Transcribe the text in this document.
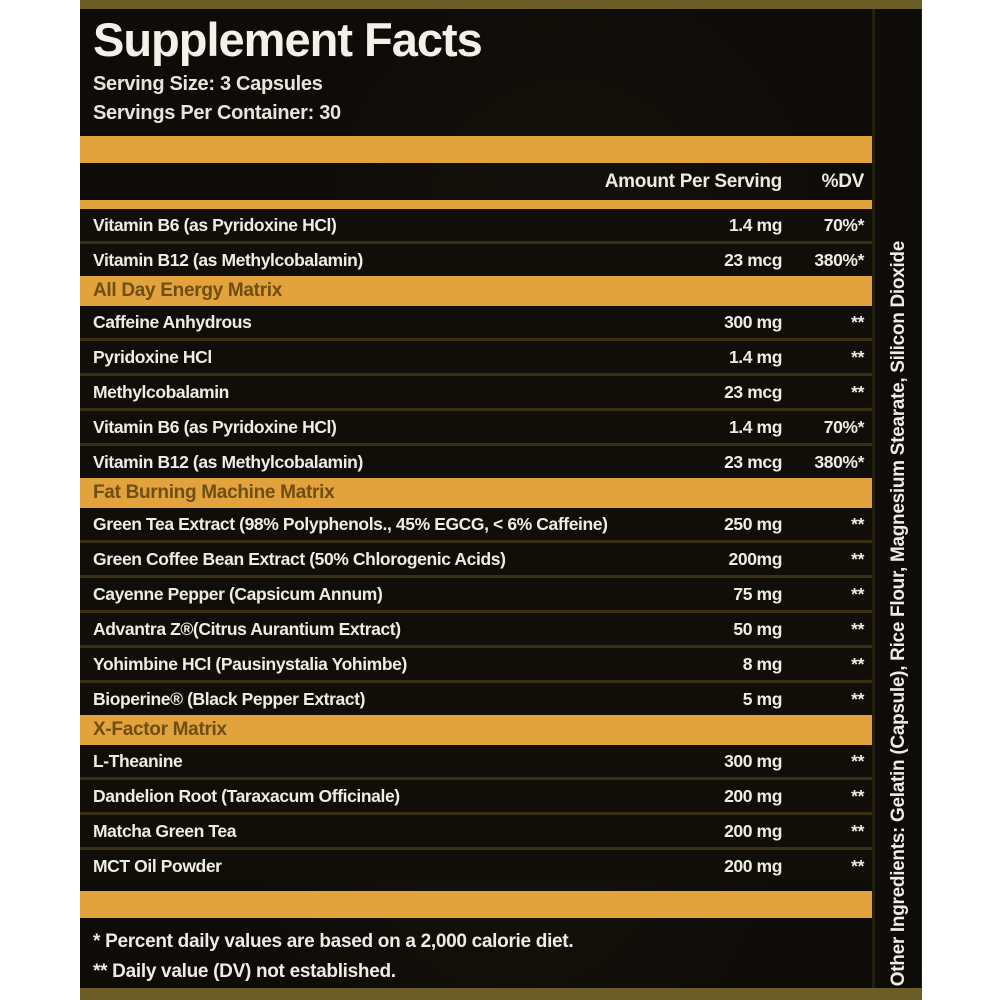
Supplement Facts
Serving Size: 3 Capsules
Servings Per Container: 30
Amount Per Serving	%DV
Vitamin B6 (as Pyridoxine HCl)	1.4 mg	70%*
Vitamin B12 (as Methylcobalamin)	23 mcg	380%*
All Day Energy Matrix
Caffeine Anhydrous	300 mg	**
Pyridoxine HCl	1.4 mg	**
Methylcobalamin	23 mcg	**
Vitamin B6 (as Pyridoxine HCl)	1.4 mg	70%*
Vitamin B12 (as Methylcobalamin)	23 mcg	380%*
Fat Burning Machine Matrix
Green Tea Extract (98% Polyphenols., 45% EGCG, < 6% Caffeine)	250 mg	**
Green Coffee Bean Extract (50% Chlorogenic Acids)	200mg	**
Cayenne Pepper (Capsicum Annum)	75 mg	**
Advantra Z®(Citrus Aurantium Extract)	50 mg	**
Yohimbine HCl (Pausinystalia Yohimbe)	8 mg	**
Bioperine® (Black Pepper Extract)	5 mg	**
X-Factor Matrix
L-Theanine	300 mg	**
Dandelion Root (Taraxacum Officinale)	200 mg	**
Matcha Green Tea	200 mg	**
MCT Oil Powder	200 mg	**
* Percent daily values are based on a 2,000 calorie diet.
** Daily value (DV) not established.	Other Ingredients: Gelatin (Capsule), Rice Flour, Magnesium Stearate, Silicon Dioxide
